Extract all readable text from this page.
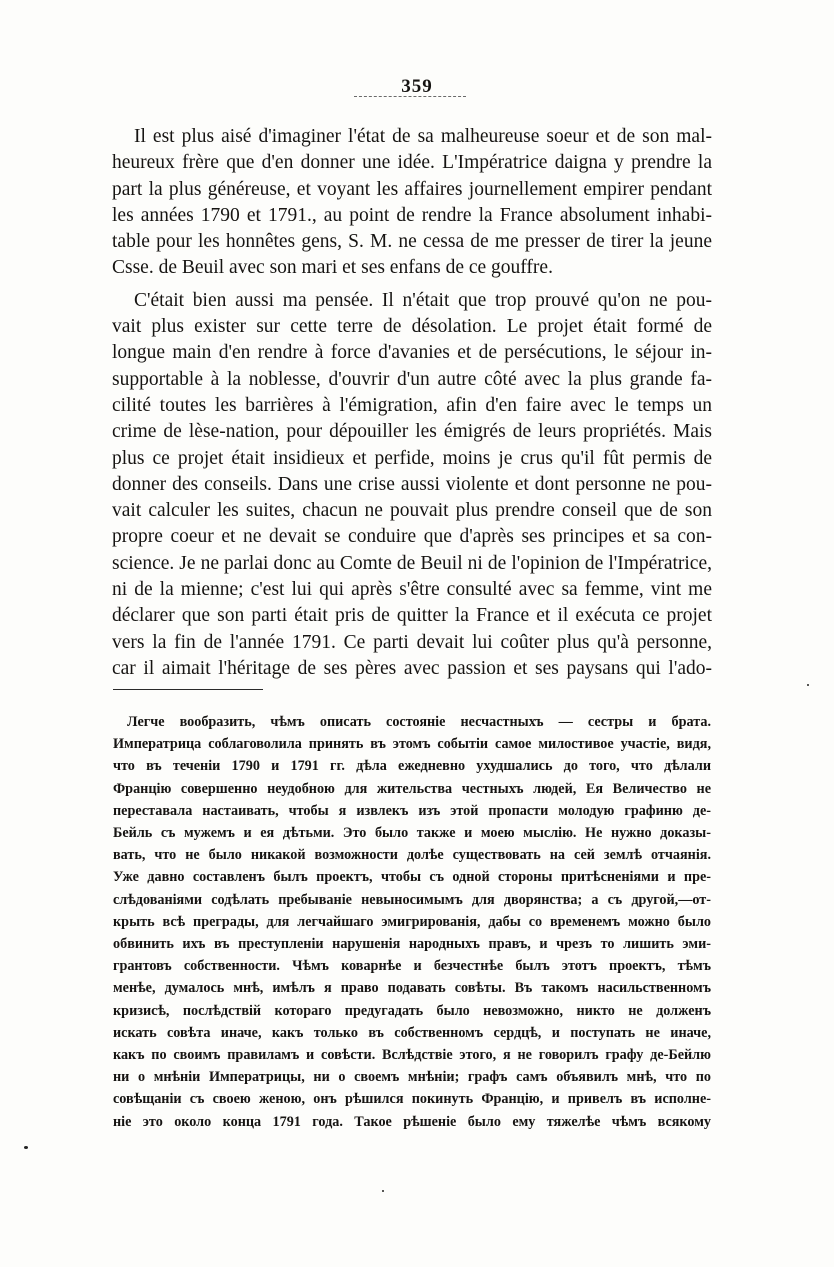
359
Il est plus aisé d'imaginer l'état de sa malheureuse soeur et de son mal-
heureux frère que d'en donner une idée. L'Impératrice daigna y prendre la
part la plus généreuse, et voyant les affaires journellement empirer pendant
les années 1790 et 1791., au point de rendre la France absolument inhabi-
table pour les honnêtes gens, S. M. ne cessa de me presser de tirer la jeune
Csse. de Beuil avec son mari et ses enfans de ce gouffre.
C'était bien aussi ma pensée. Il n'était que trop prouvé qu'on ne pou-
vait plus exister sur cette terre de désolation. Le projet était formé de
longue main d'en rendre à force d'avanies et de persécutions, le séjour in-
supportable à la noblesse, d'ouvrir d'un autre côté avec la plus grande fa-
cilité toutes les barrières à l'émigration, afin d'en faire avec le temps un
crime de lèse-nation, pour dépouiller les émigrés de leurs propriétés. Mais
plus ce projet était insidieux et perfide, moins je crus qu'il fût permis de
donner des conseils. Dans une crise aussi violente et dont personne ne pou-
vait calculer les suites, chacun ne pouvait plus prendre conseil que de son
propre coeur et ne devait se conduire que d'après ses principes et sa con-
science. Je ne parlai donc au Comte de Beuil ni de l'opinion de l'Impératrice,
ni de la mienne; c'est lui qui après s'être consulté avec sa femme, vint me
déclarer que son parti était pris de quitter la France et il exécuta ce projet
vers la fin de l'année 1791. Ce parti devait lui coûter plus qu'à personne,
car il aimait l'héritage de ses pères avec passion et ses paysans qui l'ado-
Легче вообразить, чѣмъ описать состояніе несчастныхъ — сестры и брата.
Императрица соблаговолила принять въ этомъ событіи самое милостивое участіе, видя,
что въ теченіи 1790 и 1791 гг. дѣла ежедневно ухудшались до того, что дѣлали
Францію совершенно неудобною для жительства честныхъ людей, Ея Величество не
переставала настаивать, чтобы я извлекъ изъ этой пропасти молодую графиню де-
Бейль съ мужемъ и ея дѣтьми. Это было также и моею мыслію. Не нужно доказы-
вать, что не было никакой возможности долѣе существовать на сей землѣ отчаянія.
Уже давно составленъ былъ проектъ, чтобы съ одной стороны притѣсненіями и пре-
слѣдованіями содѣлать пребываніе невыносимымъ для дворянства; а съ другой,—от-
крыть всѣ преграды, для легчайшаго эмигрированія, дабы со временемъ можно было
обвинить ихъ въ преступленіи нарушенія народныхъ правъ, и чрезъ то лишить эми-
грантовъ собственности. Чѣмъ коварнѣе и безчестнѣе былъ этотъ проектъ, тѣмъ
менѣе, думалось мнѣ, имѣлъ я право подавать совѣты. Въ такомъ насильственномъ
кризисѣ, послѣдствій котораго предугадать было невозможно, никто не долженъ
искать совѣта иначе, какъ только въ собственномъ сердцѣ, и поступать не иначе,
какъ по своимъ правиламъ и совѣсти. Вслѣдствіе этого, я не говорилъ графу де-Бейлю
ни о мнѣніи Императрицы, ни о своемъ мнѣніи; графъ самъ объявилъ мнѣ, что по
совѣщаніи съ своею женою, онъ рѣшился покинуть Францію, и привелъ въ исполне-
ніе это около конца 1791 года. Такое рѣшеніе было ему тяжелѣе чѣмъ всякому
